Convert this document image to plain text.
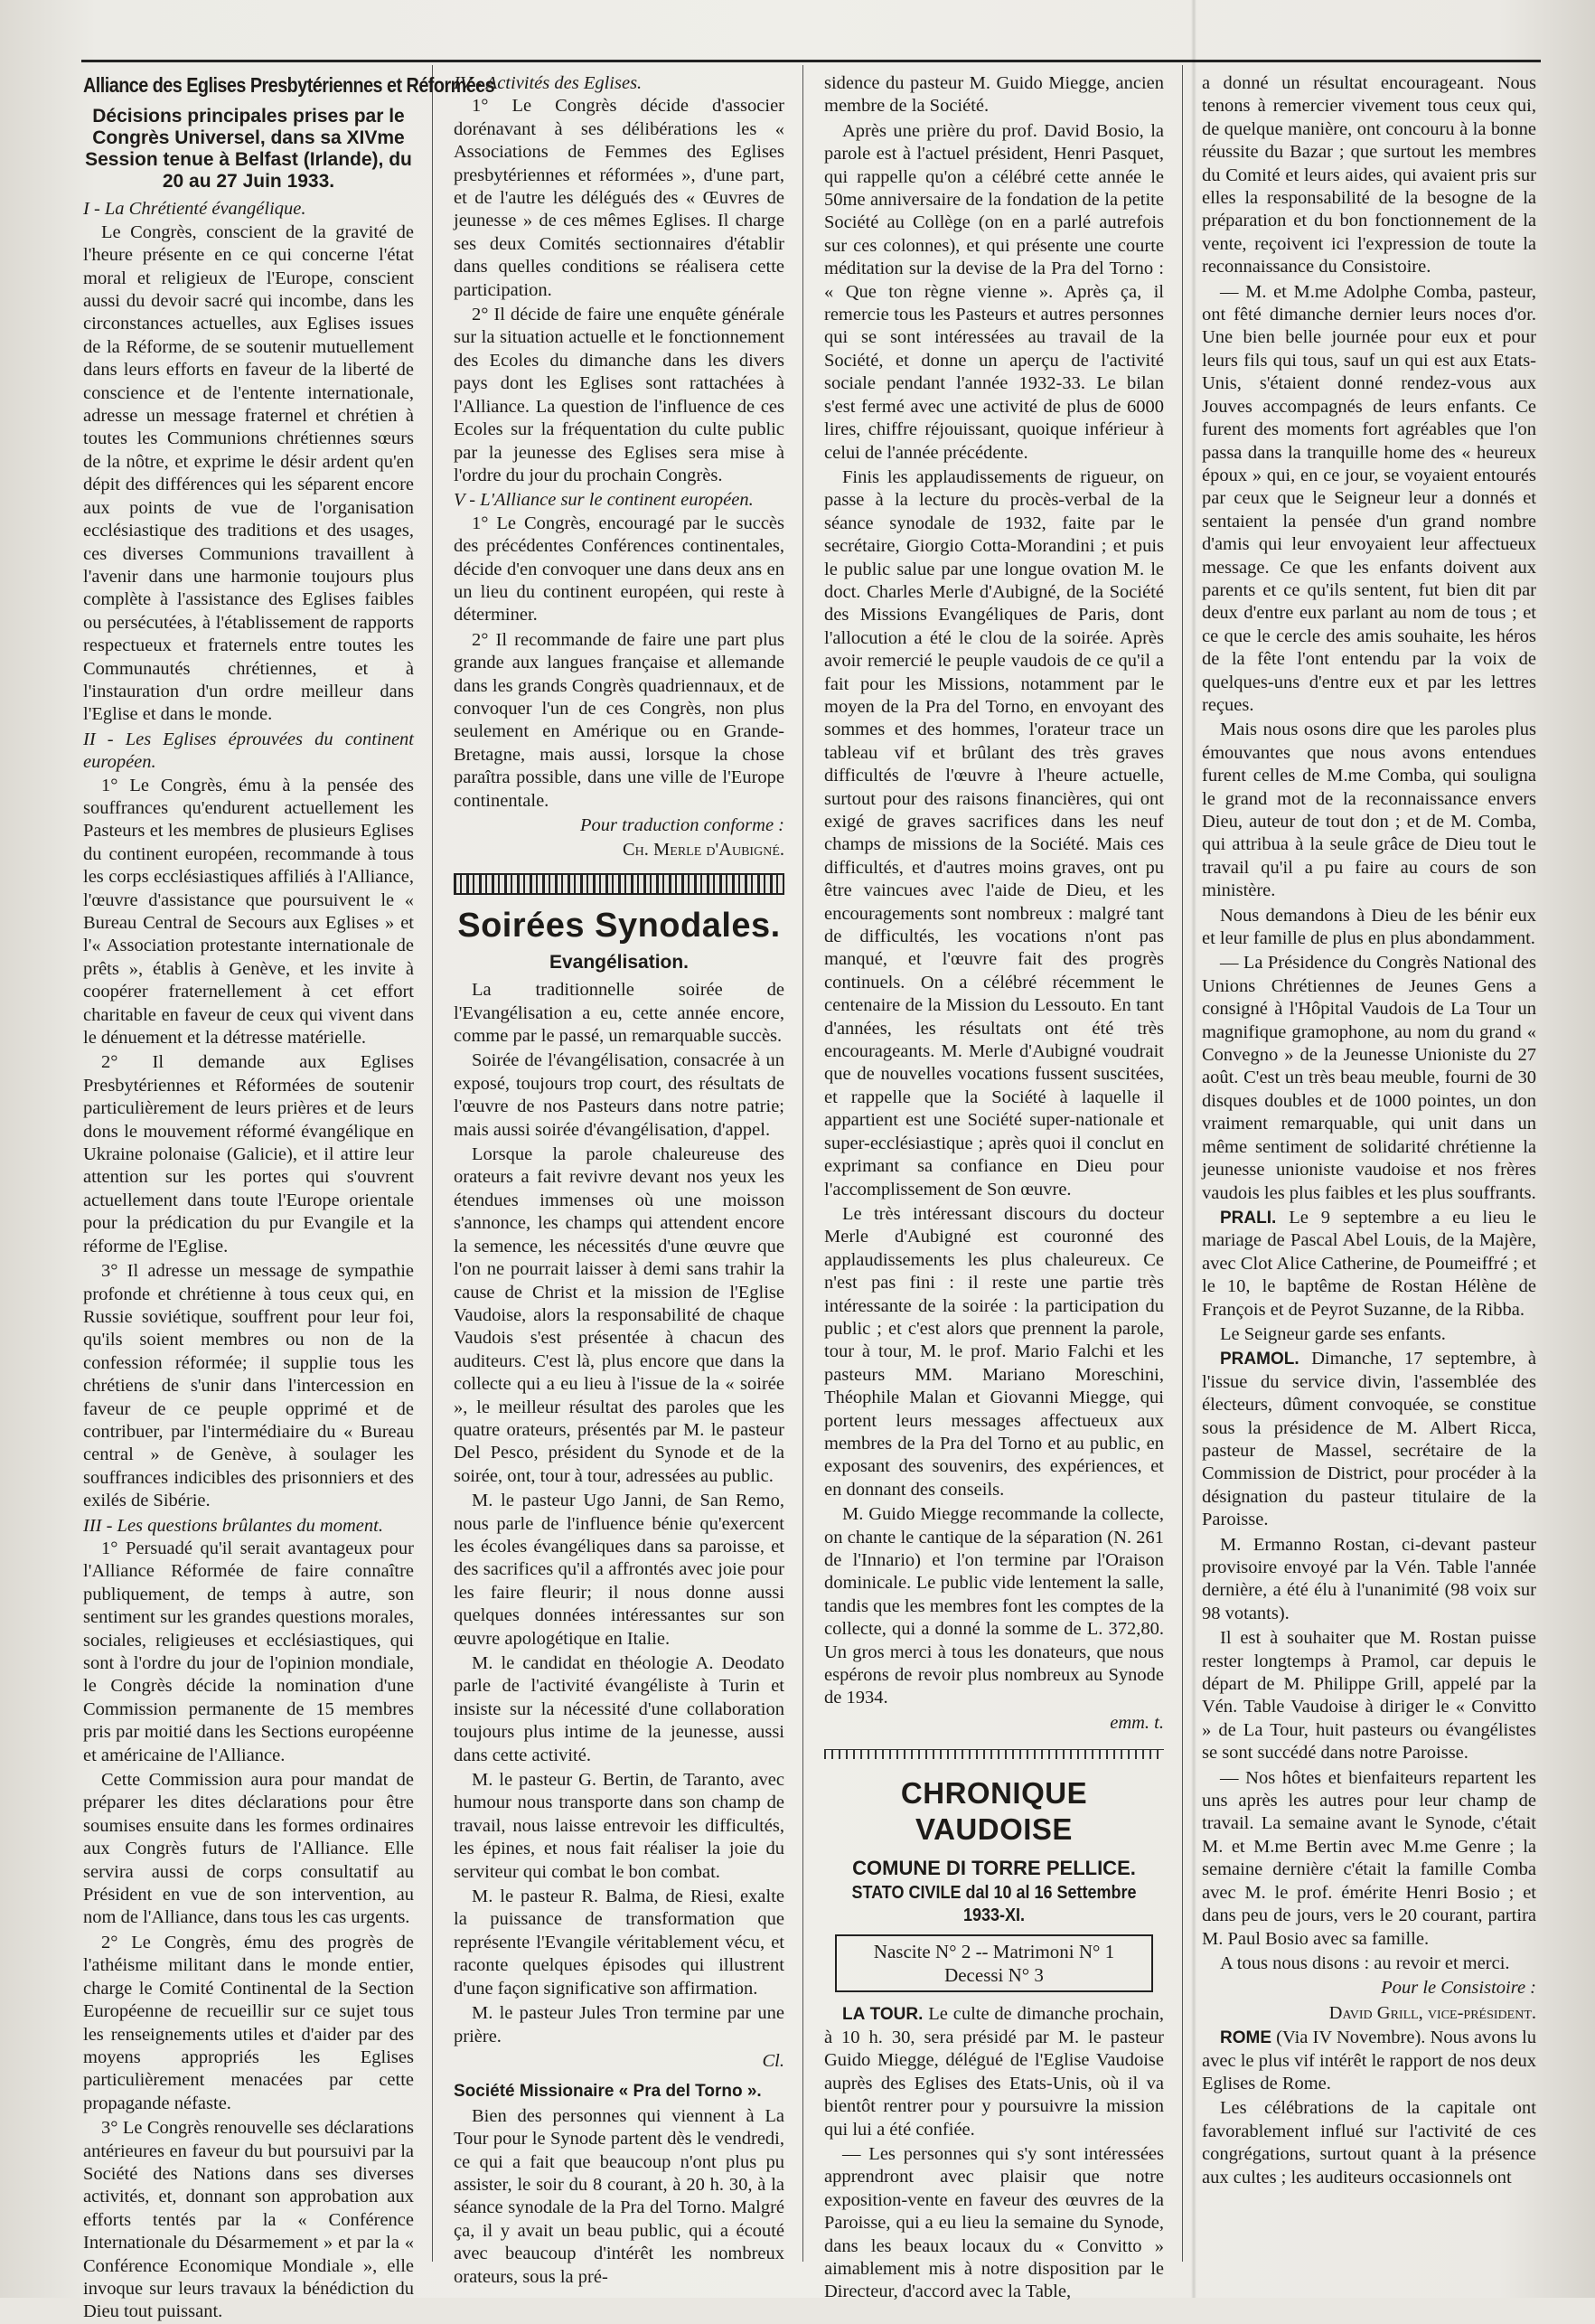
Alliance des Eglises Presbytériennes et Réformées
Décisions principales prises par le Congrès Universel, dans sa XIVme Session tenue à Belfast (Irlande), du 20 au 27 Juin 1933.

I - La Chrétienté évangélique.

Le Congrès, conscient de la gravité de l'heure présente en ce qui concerne l'état moral et religieux de l'Europe, conscient aussi du devoir sacré qui incombe, dans les circonstances actuelles, aux Eglises issues de la Réforme, de se soutenir mutuellement dans leurs efforts en faveur de la liberté de conscience et de l'entente internationale, adresse un message fraternel et chrétien à toutes les Communions chrétiennes sœurs de la nôtre, et exprime le désir ardent qu'en dépit des différences qui les séparent encore aux points de vue de l'organisation ecclésiastique des traditions et des usages, ces diverses Communions travaillent à l'avenir dans une harmonie toujours plus complète à l'assistance des Eglises faibles ou persécutées, à l'établissement de rapports respectueux et fraternels entre toutes les Communautés chrétiennes, et à l'instauration d'un ordre meilleur dans l'Eglise et dans le monde.

II - Les Eglises éprouvées du continent européen.

1° Le Congrès, ému à la pensée des souffrances qu'endurent actuellement les Pasteurs et les membres de plusieurs Eglises du continent européen, recommande à tous les corps ecclésiastiques affiliés à l'Alliance, l'œuvre d'assistance que poursuivent le « Bureau Central de Secours aux Eglises » et l'« Association protestante internationale de prêts », établis à Genève, et les invite à coopérer fraternellement à cet effort charitable en faveur de ceux qui vivent dans le dénuement et la détresse matérielle.

2° Il demande aux Eglises Presbytériennes et Réformées de soutenir particulièrement de leurs prières et de leurs dons le mouvement réformé évangélique en Ukraine polonaise (Galicie), et il attire leur attention sur les portes qui s'ouvrent actuellement dans toute l'Europe orientale pour la prédication du pur Evangile et la réforme de l'Eglise.

3° Il adresse un message de sympathie profonde et chrétienne à tous ceux qui, en Russie soviétique, souffrent pour leur foi, qu'ils soient membres ou non de la confession réformée; il supplie tous les chrétiens de s'unir dans l'intercession en faveur de ce peuple opprimé et de contribuer, par l'intermédiaire du « Bureau central » de Genève, à soulager les souffrances indicibles des prisonniers et des exilés de Sibérie.

III - Les questions brûlantes du moment.

1° Persuadé qu'il serait avantageux pour l'Alliance Réformée de faire connaître publiquement, de temps à autre, son sentiment sur les grandes questions morales, sociales, religieuses et ecclésiastiques, qui sont à l'ordre du jour de l'opinion mondiale, le Congrès décide la nomination d'une Commission permanente de 15 membres pris par moitié dans les Sections européenne et américaine de l'Alliance.

Cette Commission aura pour mandat de préparer les dites déclarations pour être soumises ensuite dans les formes ordinaires aux Congrès futurs de l'Alliance. Elle servira aussi de corps consultatif au Président en vue de son intervention, au nom de l'Alliance, dans tous les cas urgents.

2° Le Congrès, ému des progrès de l'athéisme militant dans le monde entier, charge le Comité Continental de la Section Européenne de recueillir sur ce sujet tous les renseignements utiles et d'aider par des moyens appropriés les Eglises particulièrement menacées par cette propagande néfaste.

3° Le Congrès renouvelle ses déclarations antérieures en faveur du but poursuivi par la Société des Nations dans ses diverses activités, et, donnant son approbation aux efforts tentés par la « Conférence Internationale du Désarmement » et par la « Conférence Economique Mondiale », elle invoque sur leurs travaux la bénédiction du Dieu tout puissant.

IV - Activités des Eglises.

1° Le Congrès décide d'associer dorénavant à ses délibérations les « Associations de Femmes des Eglises presbytériennes et réformées », d'une part, et de l'autre les délégués des « Œuvres de jeunesse » de ces mêmes Eglises. Il charge ses deux Comités sectionnaires d'établir dans quelles conditions se réalisera cette participation.

2° Il décide de faire une enquête générale sur la situation actuelle et le fonctionnement des Ecoles du dimanche dans les divers pays dont les Eglises sont rattachées à l'Alliance. La question de l'influence de ces Ecoles sur la fréquentation du culte public par la jeunesse des Eglises sera mise à l'ordre du jour du prochain Congrès.

V - L'Alliance sur le continent européen.

1° Le Congrès, encouragé par le succès des précédentes Conférences continentales, décide d'en convoquer une dans deux ans en un lieu du continent européen, qui reste à déterminer.

2° Il recommande de faire une part plus grande aux langues française et allemande dans les grands Congrès quadriennaux, et de convoquer l'un de ces Congrès, non plus seulement en Amérique ou en Grande-Bretagne, mais aussi, lorsque la chose paraîtra possible, dans une ville de l'Europe continentale.

Pour traduction conforme :

Ch. Merle d'Aubigné.

Soirées Synodales.
Evangélisation.

La traditionnelle soirée de l'Evangélisation a eu, cette année encore, comme par le passé, un remarquable succès.

Soirée de l'évangélisation, consacrée à un exposé, toujours trop court, des résultats de l'œuvre de nos Pasteurs dans notre patrie; mais aussi soirée d'évangélisation, d'appel.

Lorsque la parole chaleureuse des orateurs a fait revivre devant nos yeux les étendues immenses où une moisson s'annonce, les champs qui attendent encore la semence, les nécessités d'une œuvre que l'on ne pourrait laisser à demi sans trahir la cause de Christ et la mission de l'Eglise Vaudoise, alors la responsabilité de chaque Vaudois s'est présentée à chacun des auditeurs. C'est là, plus encore que dans la collecte qui a eu lieu à l'issue de la « soirée », le meilleur résultat des paroles que les quatre orateurs, présentés par M. le pasteur Del Pesco, président du Synode et de la soirée, ont, tour à tour, adressées au public.

M. le pasteur Ugo Janni, de San Remo, nous parle de l'influence bénie qu'exercent les écoles évangéliques dans sa paroisse, et des sacrifices qu'il a affrontés avec joie pour les faire fleurir; il nous donne aussi quelques données intéressantes sur son œuvre apologétique en Italie.

M. le candidat en théologie A. Deodato parle de l'activité évangéliste à Turin et insiste sur la nécessité d'une collaboration toujours plus intime de la jeunesse, aussi dans cette activité.

M. le pasteur G. Bertin, de Taranto, avec humour nous transporte dans son champ de travail, nous laisse entrevoir les difficultés, les épines, et nous fait réaliser la joie du serviteur qui combat le bon combat.

M. le pasteur R. Balma, de Riesi, exalte la puissance de transformation que représente l'Evangile véritablement vécu, et raconte quelques épisodes qui illustrent d'une façon significative son affirmation.

M. le pasteur Jules Tron termine par une prière.

Cl.

Société Missionaire « Pra del Torno ».

Bien des personnes qui viennent à La Tour pour le Synode partent dès le vendredi, ce qui a fait que beaucoup n'ont plus pu assister, le soir du 8 courant, à 20 h. 30, à la séance synodale de la Pra del Torno. Malgré ça, il y avait un beau public, qui a écouté avec beaucoup d'intérêt les nombreux orateurs, sous la pré-

sidence du pasteur M. Guido Miegge, ancien membre de la Société.

Après une prière du prof. David Bosio, la parole est à l'actuel président, Henri Pasquet, qui rappelle qu'on a célébré cette année le 50me anniversaire de la fondation de la petite Société au Collège (on en a parlé autrefois sur ces colonnes), et qui présente une courte méditation sur la devise de la Pra del Torno : « Que ton règne vienne ». Après ça, il remercie tous les Pasteurs et autres personnes qui se sont intéressées au travail de la Société, et donne un aperçu de l'activité sociale pendant l'année 1932-33. Le bilan s'est fermé avec une activité de plus de 6000 lires, chiffre réjouissant, quoique inférieur à celui de l'année précédente.

Finis les applaudissements de rigueur, on passe à la lecture du procès-verbal de la séance synodale de 1932, faite par le secrétaire, Giorgio Cotta-Morandini ; et puis le public salue par une longue ovation M. le doct. Charles Merle d'Aubigné, de la Société des Missions Evangéliques de Paris, dont l'allocution a été le clou de la soirée. Après avoir remercié le peuple vaudois de ce qu'il a fait pour les Missions, notamment par le moyen de la Pra del Torno, en envoyant des sommes et des hommes, l'orateur trace un tableau vif et brûlant des très graves difficultés de l'œuvre à l'heure actuelle, surtout pour des raisons financières, qui ont exigé de graves sacrifices dans les neuf champs de missions de la Société. Mais ces difficultés, et d'autres moins graves, ont pu être vaincues avec l'aide de Dieu, et les encouragements sont nombreux : malgré tant de difficultés, les vocations n'ont pas manqué, et l'œuvre fait des progrès continuels. On a célébré récemment le centenaire de la Mission du Lessouto. En tant d'années, les résultats ont été très encourageants. M. Merle d'Aubigné voudrait que de nouvelles vocations fussent suscitées, et rappelle que la Société à laquelle il appartient est une Société super-nationale et super-ecclésiastique ; après quoi il conclut en exprimant sa confiance en Dieu pour l'accomplissement de Son œuvre.

Le très intéressant discours du docteur Merle d'Aubigné est couronné des applaudissements les plus chaleureux. Ce n'est pas fini : il reste une partie très intéressante de la soirée : la participation du public ; et c'est alors que prennent la parole, tour à tour, M. le prof. Mario Falchi et les pasteurs MM. Mariano Moreschini, Théophile Malan et Giovanni Miegge, qui portent leurs messages affectueux aux membres de la Pra del Torno et au public, en exposant des souvenirs, des expériences, et en donnant des conseils.

M. Guido Miegge recommande la collecte, on chante le cantique de la séparation (N. 261 de l'Innario) et l'on termine par l'Oraison dominicale. Le public vide lentement la salle, tandis que les membres font les comptes de la collecte, qui a donné la somme de L. 372,80. Un gros merci à tous les donateurs, que nous espérons de revoir plus nombreux au Synode de 1934.

emm. t.

CHRONIQUE VAUDOISE
COMUNE DI TORRE PELLICE.
STATO CIVILE dal 10 al 16 Settembre 1933-XI.
Nascite N° 2 -- Matrimoni N° 1
Decessi N° 3

LA TOUR. Le culte de dimanche prochain, à 10 h. 30, sera présidé par M. le pasteur Guido Miegge, délégué de l'Eglise Vaudoise auprès des Eglises des Etats-Unis, où il va bientôt rentrer pour y poursuivre la mission qui lui a été confiée.

— Les personnes qui s'y sont intéressées apprendront avec plaisir que notre exposition-vente en faveur des œuvres de la Paroisse, qui a eu lieu la semaine du Synode, dans les beaux locaux du « Convitto » aimablement mis à notre disposition par le Directeur, d'accord avec la Table,

a donné un résultat encourageant. Nous tenons à remercier vivement tous ceux qui, de quelque manière, ont concouru à la bonne réussite du Bazar ; que surtout les membres du Comité et leurs aides, qui avaient pris sur elles la responsabilité de la besogne de la préparation et du bon fonctionnement de la vente, reçoivent ici l'expression de toute la reconnaissance du Consistoire.

— M. et M.me Adolphe Comba, pasteur, ont fêté dimanche dernier leurs noces d'or. Une bien belle journée pour eux et pour leurs fils qui tous, sauf un qui est aux Etats-Unis, s'étaient donné rendez-vous aux Jouves accompagnés de leurs enfants. Ce furent des moments fort agréables que l'on passa dans la tranquille home des « heureux époux » qui, en ce jour, se voyaient entourés par ceux que le Seigneur leur a donnés et sentaient la pensée d'un grand nombre d'amis qui leur envoyaient leur affectueux message. Ce que les enfants doivent aux parents et ce qu'ils sentent, fut bien dit par deux d'entre eux parlant au nom de tous ; et ce que le cercle des amis souhaite, les héros de la fête l'ont entendu par la voix de quelques-uns d'entre eux et par les lettres reçues.

Mais nous osons dire que les paroles plus émouvantes que nous avons entendues furent celles de M.me Comba, qui souligna le grand mot de la reconnaissance envers Dieu, auteur de tout don ; et de M. Comba, qui attribua à la seule grâce de Dieu tout le travail qu'il a pu faire au cours de son ministère.

Nous demandons à Dieu de les bénir eux et leur famille de plus en plus abondamment.

— La Présidence du Congrès National des Unions Chrétiennes de Jeunes Gens a consigné à l'Hôpital Vaudois de La Tour un magnifique gramophone, au nom du grand « Convegno » de la Jeunesse Unioniste du 27 août. C'est un très beau meuble, fourni de 30 disques doubles et de 1000 pointes, un don vraiment remarquable, qui unit dans un même sentiment de solidarité chrétienne la jeunesse unioniste vaudoise et nos frères vaudois les plus faibles et les plus souffrants.

PRALI. Le 9 septembre a eu lieu le mariage de Pascal Abel Louis, de la Majère, avec Clot Alice Catherine, de Poumeiffré ; et le 10, le baptême de Rostan Hélène de François et de Peyrot Suzanne, de la Ribba.

Le Seigneur garde ses enfants.

PRAMOL. Dimanche, 17 septembre, à l'issue du service divin, l'assemblée des électeurs, dûment convoquée, se constitue sous la présidence de M. Albert Ricca, pasteur de Massel, secrétaire de la Commission de District, pour procéder à la désignation du pasteur titulaire de la Paroisse.

M. Ermanno Rostan, ci-devant pasteur provisoire envoyé par la Vén. Table l'année dernière, a été élu à l'unanimité (98 voix sur 98 votants).

Il est à souhaiter que M. Rostan puisse rester longtemps à Pramol, car depuis le départ de M. Philippe Grill, appelé par la Vén. Table Vaudoise à diriger le « Convitto » de La Tour, huit pasteurs ou évangélistes se sont succédé dans notre Paroisse.

— Nos hôtes et bienfaiteurs repartent les uns après les autres pour leur champ de travail. La semaine avant le Synode, c'était M. et M.me Bertin avec M.me Genre ; la semaine dernière c'était la famille Comba avec M. le prof. émérite Henri Bosio ; et dans peu de jours, vers le 20 courant, partira M. Paul Bosio avec sa famille.

A tous nous disons : au revoir et merci.

Pour le Consistoire :

David Grill, vice-président.

ROME (Via IV Novembre). Nous avons lu avec le plus vif intérêt le rapport de nos deux Eglises de Rome.

Les célébrations de la capitale ont favorablement influé sur l'activité de ces congrégations, surtout quant à la présence aux cultes ; les auditeurs occasionnels ont
